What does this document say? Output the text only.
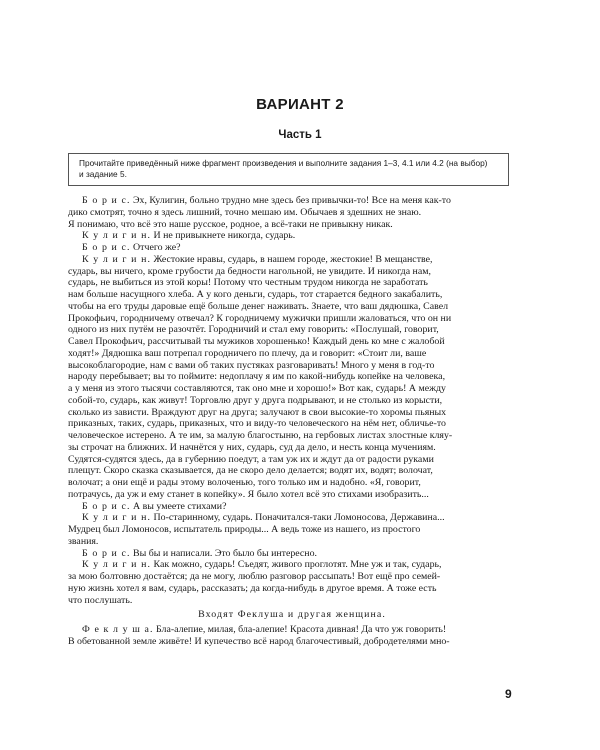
ВАРИАНТ 2
Часть 1
Прочитайте приведённый ниже фрагмент произведения и выполните задания 1–3, 4.1 или 4.2 (на выбор)
и задание 5.
Б о р и с. Эх, Кулигин, больно трудно мне здесь без привычки-то! Все на меня как-то
дико смотрят, точно я здесь лишний, точно мешаю им. Обычаев я здешних не знаю.
Я понимаю, что всё это наше русское, родное, а всё-таки не привыкну никак.
К у л и г и н. И не привыкнете никогда, сударь.
Б о р и с. Отчего же?
К у л и г и н. Жестокие нравы, сударь, в нашем городе, жестокие! В мещанстве,
сударь, вы ничего, кроме грубости да бедности нагольной, не увидите. И никогда нам,
сударь, не выбиться из этой коры! Потому что честным трудом никогда не заработать
нам больше насущного хлеба. А у кого деньги, сударь, тот старается бедного закабалить,
чтобы на его труды даровые ещё больше денег наживать. Знаете, что ваш дядюшка, Савел
Прокофьич, городничему отвечал? К городничему мужички пришли жаловаться, что он ни
одного из них путём не разочтёт. Городничий и стал ему говорить: «Послушай, говорит,
Савел Прокофьич, рассчитывай ты мужиков хорошенько! Каждый день ко мне с жалобой
ходят!» Дядюшка ваш потрепал городничего по плечу, да и говорит: «Стоит ли, ваше
высокоблагородие, нам с вами об таких пустяках разговаривать! Много у меня в год-то
народу перебывает; вы то поймите: недоплачу я им по какой-нибудь копейке на человека,
а у меня из этого тысячи составляются, так оно мне и хорошо!» Вот как, сударь! А между
собой-то, сударь, как живут! Торговлю друг у друга подрывают, и не столько из корысти,
сколько из зависти. Враждуют друг на друга; залучают в свои высокие-то хоромы пьяных
приказных, таких, сударь, приказных, что и виду-то человеческого на нём нет, обличье-то
человеческое истерено. А те им, за малую благостыню, на гербовых листах злостные кляу-
зы строчат на ближних. И начнётся у них, сударь, суд да дело, и несть конца мучениям.
Судятся-судятся здесь, да в губернию поедут, а там уж их и ждут да от радости руками
плещут. Скоро сказка сказывается, да не скоро дело делается; водят их, водят; волочат,
волочат; а они ещё и рады этому волоченью, того только им и надобно. «Я, говорит,
потрачусь, да уж и ему станет в копейку». Я было хотел всё это стихами изобразить...
Б о р и с. А вы умеете стихами?
К у л и г и н. По-старинному, сударь. Поначитался-таки Ломоносова, Державина...
Мудрец был Ломоносов, испытатель природы... А ведь тоже из нашего, из простого
звания.
Б о р и с. Вы бы и написали. Это было бы интересно.
К у л и г и н. Как можно, сударь! Съедят, живого проглотят. Мне уж и так, сударь,
за мою болтовню достаётся; да не могу, люблю разговор рассыпать! Вот ещё про семей-
ную жизнь хотел я вам, сударь, рассказать; да когда-нибудь в другое время. А тоже есть
что послушать.
Входят Феклуша и другая женщина.
Ф е к л у ш а. Бла-алепие, милая, бла-алепие! Красота дивная! Да что уж говорить!
В обетованной земле живёте! И купечество всё народ благочестивый, добродетелями мно-
9
